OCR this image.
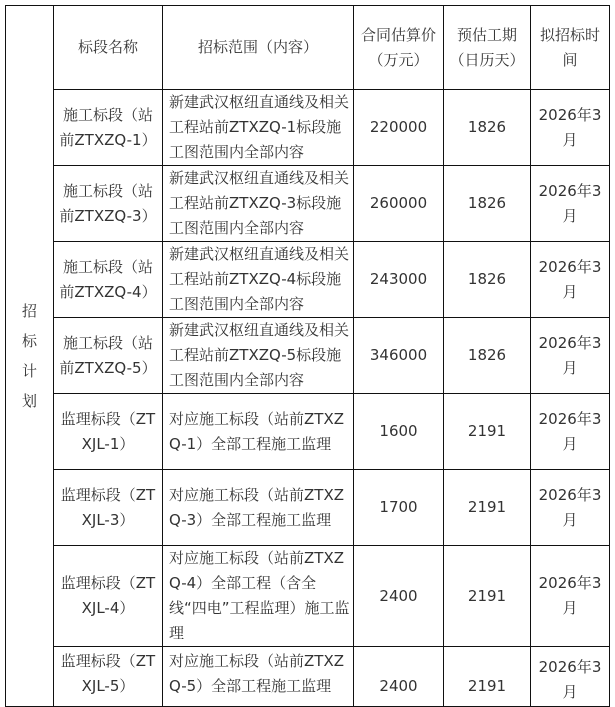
招标计划	标段名称	招标范围（内容）	合同估算价（万元）	预估工期（日历天）	拟招标时间
	施工标段（站前ZTXZQ-1）	新建武汉枢纽直通线及相关工程站前ZTXZQ-1标段施工图范围内全部内容	220000	1826	2026年3月
	施工标段（站前ZTXZQ-3）	新建武汉枢纽直通线及相关工程站前ZTXZQ-3标段施工图范围内全部内容	260000	1826	2026年3月
	施工标段（站前ZTXZQ-4）	新建武汉枢纽直通线及相关工程站前ZTXZQ-4标段施工图范围内全部内容	243000	1826	2026年3月
	施工标段（站前ZTXZQ-5）	新建武汉枢纽直通线及相关工程站前ZTXZQ-5标段施工图范围内全部内容	346000	1826	2026年3月
	监理标段（ZTXJL-1）	对应施工标段（站前ZTXZQ-1）全部工程施工监理	1600	2191	2026年3月
	监理标段（ZTXJL-3）	对应施工标段（站前ZTXZQ-3）全部工程施工监理	1700	2191	2026年3月
	监理标段（ZTXJL-4）	对应施工标段（站前ZTXZQ-4）全部工程（含全线“四电”工程监理）施工监理	2400	2191	2026年3月
	监理标段（ZTXJL-5）	对应施工标段（站前ZTXZQ-5）全部工程施工监理	2400	2191	2026年3月
